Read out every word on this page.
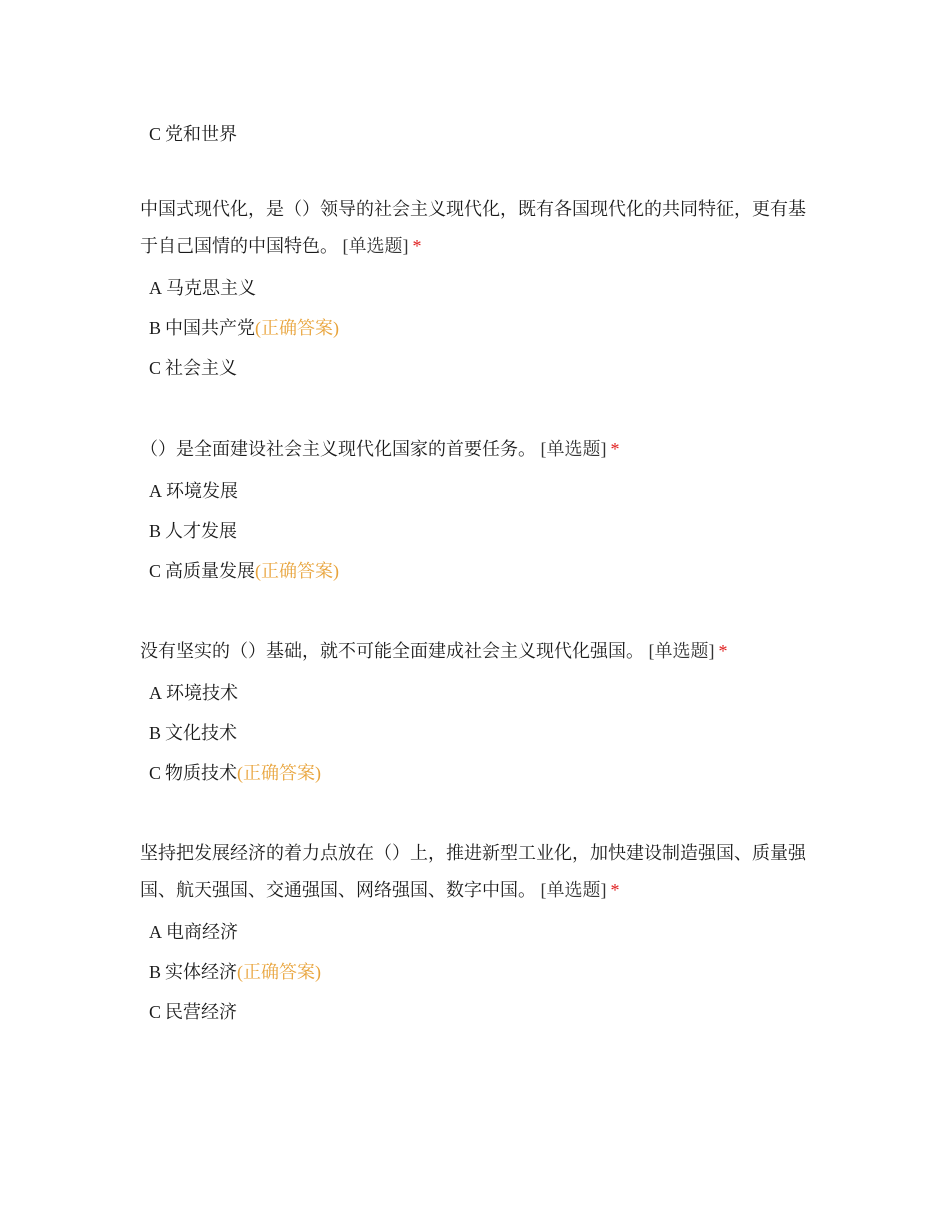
C 党和世界

中国式现代化，是（）领导的社会主义现代化，既有各国现代化的共同特征，更有基于自己国情的中国特色。 [单选题] *

A 马克思主义
B 中国共产党(正确答案)
C 社会主义

（）是全面建设社会主义现代化国家的首要任务。 [单选题] *

A 环境发展
B 人才发展
C 高质量发展(正确答案)

没有坚实的（）基础，就不可能全面建成社会主义现代化强国。 [单选题] *

A 环境技术
B 文化技术
C 物质技术(正确答案)

坚持把发展经济的着力点放在（）上，推进新型工业化，加快建设制造强国、质量强国、航天强国、交通强国、网络强国、数字中国。 [单选题] *

A 电商经济
B 实体经济(正确答案)
C 民营经济
